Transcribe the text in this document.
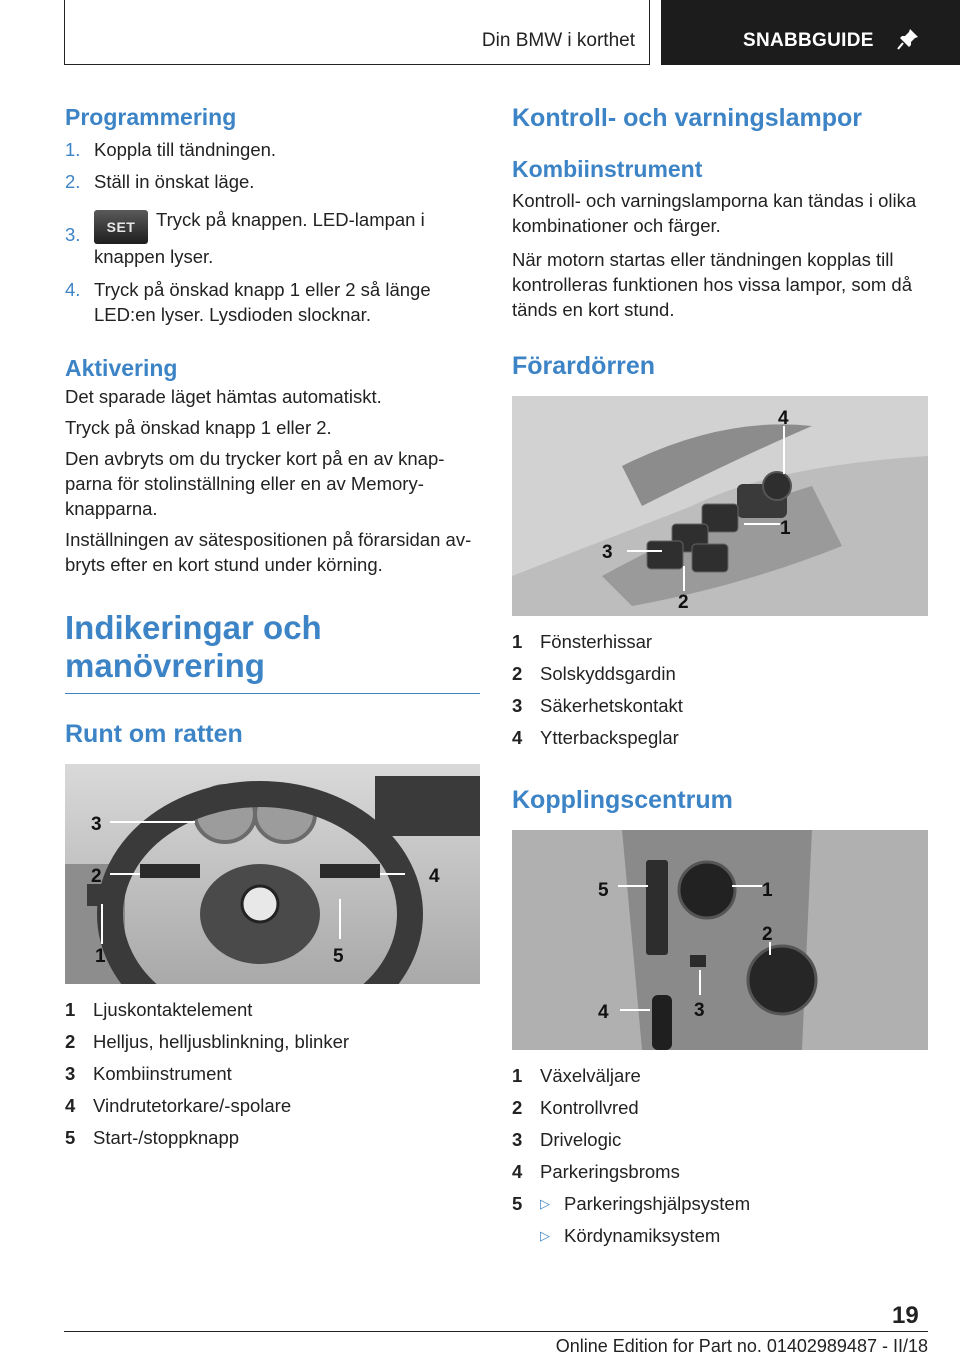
Din BMW i korthet	SNABBGUIDE
Programmering
1. Koppla till tändningen.
2. Ställ in önskat läge.
3. SET Tryck på knappen. LED-lampan i knappen lyser.
4. Tryck på önskad knapp 1 eller 2 så länge LED:en lyser. Lysdioden slocknar.
Aktivering

Det sparade läget hämtas automatiskt.

Tryck på önskad knapp 1 eller 2.

Den avbryts om du trycker kort på en av knapparna för stolinställning eller en av Memory-knapparna.

Inställningen av sätespositionen på förarsidan avbryts efter en kort stund under körning.

Indikeringar och manövrering
Runt om ratten
3
2	4
1	5
1 Ljuskontaktelement
2 Helljus, helljusblinkning, blinker
3 Kombiinstrument
4 Vindrutetorkare/-spolare
5 Start-/stoppknapp
Kontroll- och varningslampor
Kombiinstrument

Kontroll- och varningslamporna kan tändas i olika kombinationer och färger.

När motorn startas eller tändningen kopplas till kontrolleras funktionen hos vissa lampor, som då tänds en kort stund.

Förardörren
4
1
3
2
1 Fönsterhissar
2 Solskyddsgardin
3 Säkerhetskontakt
4 Ytterbackspeglar
Kopplingscentrum
5	1
2
4	3
1 Växelväljare
2 Kontrollvred
3 Drivelogic
4 Parkeringsbroms
5 ▷ Parkeringshjälpsystem
▷ Kördynamiksystem
19
Online Edition for Part no. 01402989487 - II/18
